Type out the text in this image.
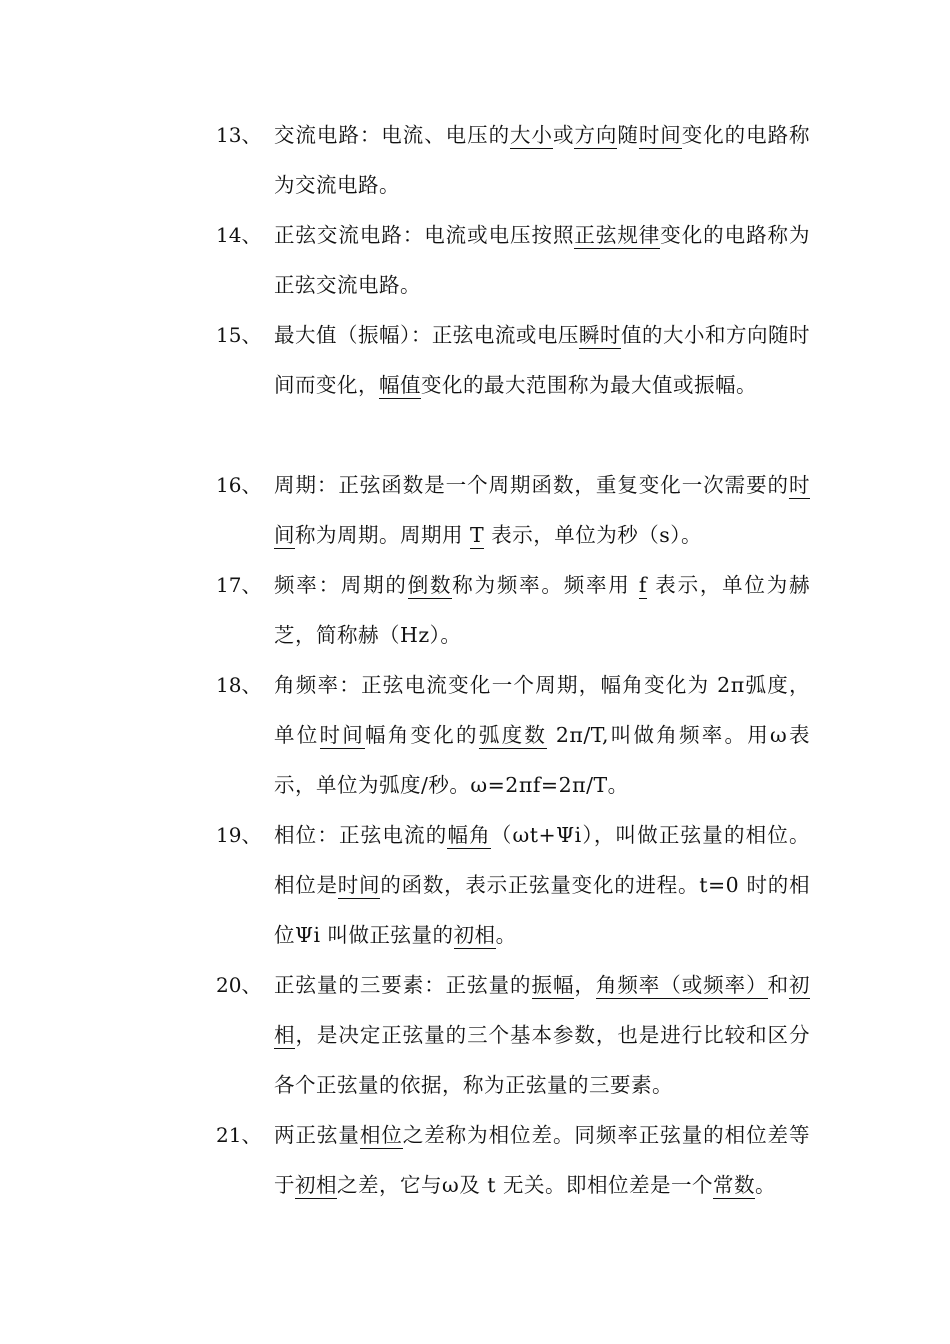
13、 交流电路：电流、电压的大小或方向随时间变化的电路称为交流电路。
14、 正弦交流电路：电流或电压按照正弦规律变化的电路称为正弦交流电路。
15、 最大值（振幅）：正弦电流或电压瞬时值的大小和方向随时间而变化，幅值变化的最大范围称为最大值或振幅。
16、 周期：正弦函数是一个周期函数，重复变化一次需要的时间称为周期。周期用 T 表示，单位为秒（s）。
17、 频率：周期的倒数称为频率。频率用 f 表示，单位为赫芝，简称赫（Hz）。
18、 角频率：正弦电流变化一个周期，幅角变化为 2π弧度，单位时间幅角变化的弧度数 2π/T,叫做角频率。用ω表示，单位为弧度/秒。ω=2πf=2π/T。
19、 相位：正弦电流的幅角（ωt+Ψi），叫做正弦量的相位。相位是时间的函数，表示正弦量变化的进程。t=0 时的相位Ψi 叫做正弦量的初相。
20、 正弦量的三要素：正弦量的振幅，角频率（或频率）和初相，是决定正弦量的三个基本参数，也是进行比较和区分各个正弦量的依据，称为正弦量的三要素。
21、 两正弦量相位之差称为相位差。同频率正弦量的相位差等于初相之差，它与ω及 t 无关。即相位差是一个常数。
